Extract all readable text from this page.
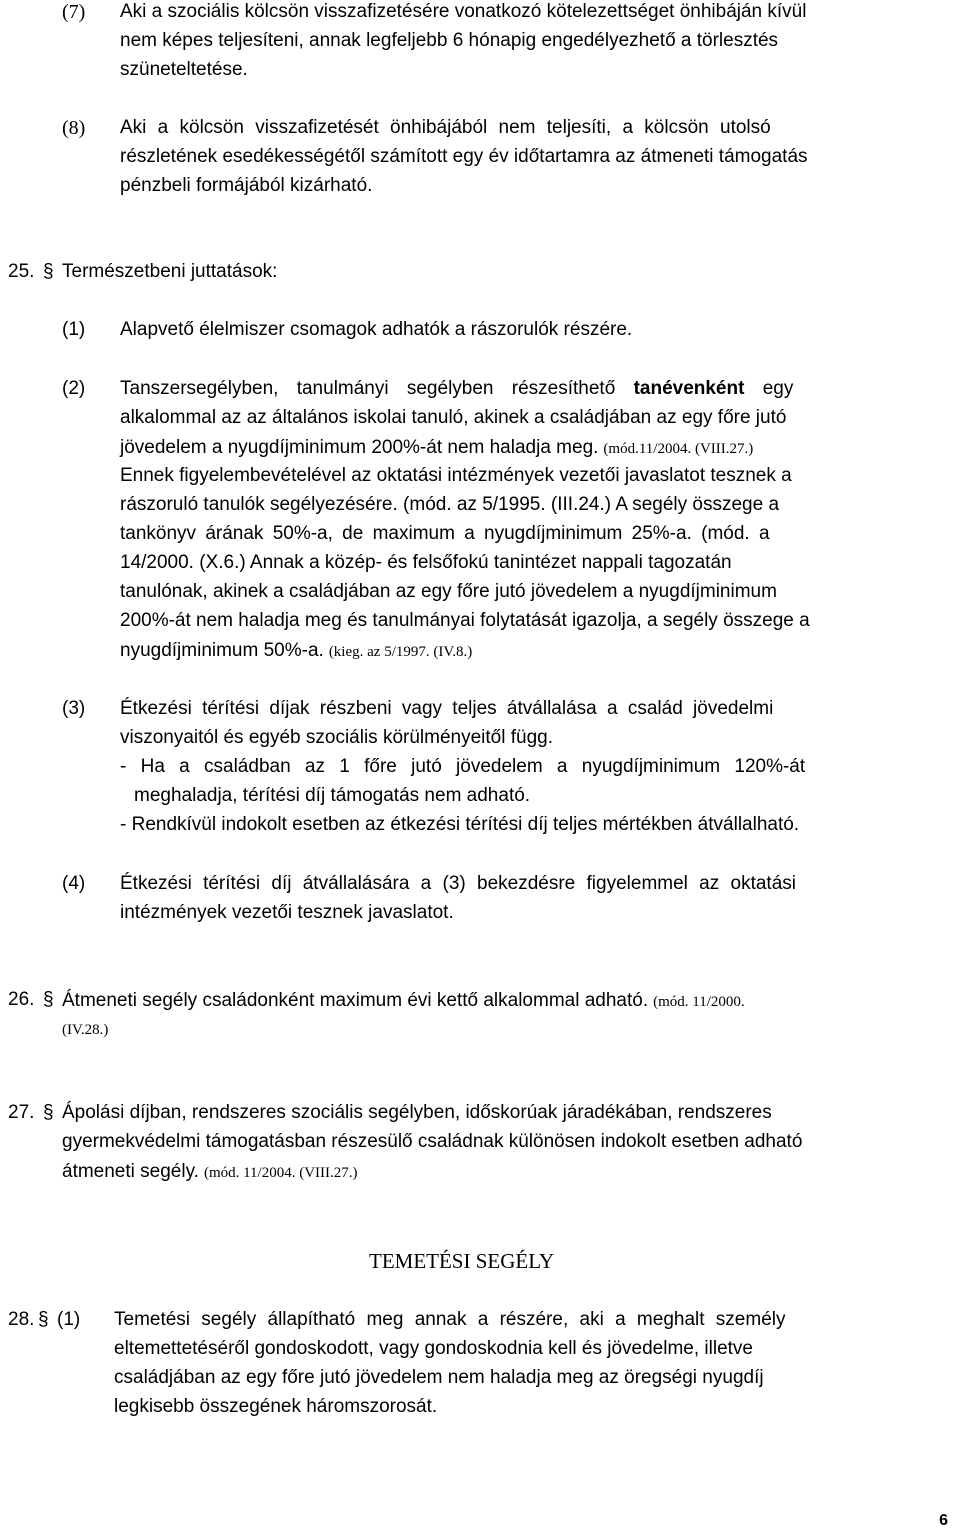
(7) Aki a szociális kölcsön visszafizetésére vonatkozó kötelezettséget önhibáján kívül
nem képes teljesíteni, annak legfeljebb 6 hónapig engedélyezhető a törlesztés
szüneteltetése.
(8) Aki a kölcsön visszafizetését önhibájából nem teljesíti, a kölcsön utolsó
részletének esedékességétől számított egy év időtartamra az átmeneti támogatás
pénzbeli formájából kizárható.
25. § Természetbeni juttatások:
(1) Alapvető élelmiszer csomagok adhatók a rászorulók részére.
(2) Tanszersegélyben, tanulmányi segélyben részesíthető tanévenként egy
alkalommal az az általános iskolai tanuló, akinek a családjában az egy főre jutó
jövedelem a nyugdíjminimum 200%-át nem haladja meg. (mód.11/2004. (VIII.27.)
Ennek figyelembevételével az oktatási intézmények vezetői javaslatot tesznek a
rászoruló tanulók segélyezésére. (mód. az 5/1995. (III.24.) A segély összege a
tankönyv árának 50%-a, de maximum a nyugdíjminimum 25%-a. (mód. a
14/2000. (X.6.) Annak a közép- és felsőfokú tanintézet nappali tagozatán
tanulónak, akinek a családjában az egy főre jutó jövedelem a nyugdíjminimum
200%-át nem haladja meg és tanulmányai folytatását igazolja, a segély összege a
nyugdíjminimum 50%-a. (kieg. az 5/1997. (IV.8.)
(3) Étkezési térítési díjak részbeni vagy teljes átvállalása a család jövedelmi
viszonyaitól és egyéb szociális körülményeitől függ.
- Ha a családban az 1 főre jutó jövedelem a nyugdíjminimum 120%-át
meghaladja, térítési díj támogatás nem adható.
- Rendkívül indokolt esetben az étkezési térítési díj teljes mértékben átvállalható.
(4) Étkezési térítési díj átvállalására a (3) bekezdésre figyelemmel az oktatási
intézmények vezetői tesznek javaslatot.
26. § Átmeneti segély családonként maximum évi kettő alkalommal adható. (mód. 11/2000.
(IV.28.)
27. § Ápolási díjban, rendszeres szociális segélyben, időskorúak járadékában, rendszeres
gyermekvédelmi támogatásban részesülő családnak különösen indokolt esetben adható
átmeneti segély. (mód. 11/2004. (VIII.27.)
TEMETÉSI SEGÉLY
28. § (1) Temetési segély állapítható meg annak a részére, aki a meghalt személy
eltemettetéséről gondoskodott, vagy gondoskodnia kell és jövedelme, illetve
családjában az egy főre jutó jövedelem nem haladja meg az öregségi nyugdíj
legkisebb összegének háromszorosát.
6
